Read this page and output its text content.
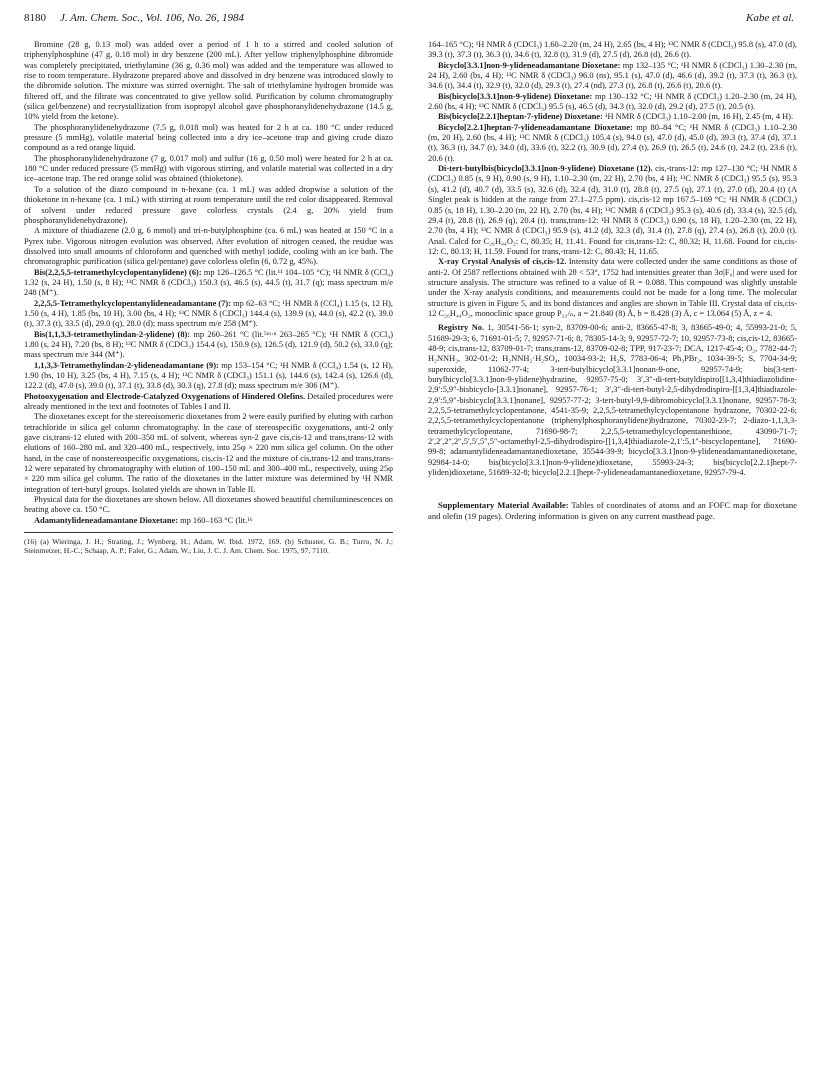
8180 J. Am. Chem. Soc., Vol. 106, No. 26, 1984	Kabe et al.

Bromine (28 g, 0.13 mol) was added over a period of 1 h to a stirred and cooled solution of triphenylphosphine (47 g, 0.18 mol) in dry benzene (200 mL). After yellow triphenylphosphine dibromide was completely precipitated, triethylamine (36 g, 0.36 mol) was added and the temperature was allowed to rise to room temperature. Hydrazone prepared above and dissolved in dry benzene was introduced slowly to the dibromide solution. The mixture was stirred overnight. The salt of triethylamine hydrogen bromide was filtered off, and the filtrate was concentrated to give yellow solid. Purification by column chromatography (silica gel/benzene) and recrystallization from isopropyl alcohol gave phosphoranylidenehydrazone (14.5 g, 10% yield from the ketone).

The phosphoranylidenehydrazone (7.5 g, 0.018 mol) was heated for 2 h at ca. 180 °C under reduced pressure (5 mmHg), volatile material being collected into a dry ice–acetone trap and giving crude diazo compound as a red orange liquid.

The phosphoranylidenehydrazone (7 g, 0.017 mol) and sulfur (16 g, 0.50 mol) were heated for 2 h at ca. 180 °C under reduced pressure (5 mmHg) with vigorous stirring, and volatile material was collected in a dry ice–acetone trap. The red orange solid was obtained (thioketone).

To a solution of the diazo compound in n-hexane (ca. 1 mL) was added dropwise a solution of the thioketone in n-hexane (ca. 1 mL) with stirring at room temperature until the red color disappeared. Removal of solvent under reduced pressure gave colorless crystals (2.4 g, 20% yield from phosphoranylidenehydrazone).

A mixture of thiadiazene (2.0 g, 6 mmol) and tri-n-butylphosphine (ca. 6 mL) was heated at 150 °C in a Pyrex tube. Vigorous nitrogen evolution was observed. After evolution of nitrogen ceased, the residue was dissolved into small amounts of chloroform and quenched with methyl iodide, cooling with an ice bath. The chromatographic purification (silica gel/pentane) gave colorless olefin (6, 0.72 g, 45%).

Bis(2,2,5,5-tetramethylcyclopentanylidene) (6): mp 126–126.5 °C (lit.¹¹ 104–105 °C); ¹H NMR δ (CCl₄) 1.32 (s, 24 H), 1.50 (s, 8 H); ¹³C NMR δ (CDCl₃) 150.3 (s), 46.5 (s), 44.5 (t), 31.7 (q); mass spectrum m/e 248 (M⁺).

2,2,5,5-Tetramethylcyclopentanylideneadamantane (7): mp 62–63 °C; ¹H NMR δ (CCl₄) 1.15 (s, 12 H), 1.50 (s, 4 H), 1.85 (bs, 10 H), 3.00 (bs, 4 H); ¹³C NMR δ (CDCl₃) 144.4 (s), 139.9 (s), 44.0 (s), 42.2 (t), 39.0 (t), 37.3 (t), 33.5 (d), 29.0 (q), 28.0 (d); mass spectrum m/e 258 (M⁺).

Bis(1,1,3,3-tetramethylindan-2-ylidene) (8): mp 260–261 °C (lit.⁵ᵐ·ⁿ 263–265 °C); ¹H NMR δ (CCl₄) 1.80 (s, 24 H), 7.20 (bs, 8 H); ¹³C NMR δ (CDCl₃) 154.4 (s), 150.9 (s), 126.5 (d), 121.9 (d), 50.2 (s), 33.0 (q); mass spectrum m/e 344 (M⁺).

1,1,3,3-Tetramethylindan-2-ylideneadamantane (9): mp 153–154 °C; ¹H NMR δ (CCl₄) 1.54 (s, 12 H), 1.90 (bs, 10 H), 3.25 (bs, 4 H), 7.15 (s, 4 H); ¹³C NMR δ (CDCl₃) 151.1 (s), 144.6 (s), 142.4 (s), 126.6 (d), 122.2 (d), 47.0 (s), 39.0 (t), 37.1 (t), 33.8 (d), 30.3 (q), 27.8 (d); mass spectrum m/e 306 (M⁺).

Photooxygenation and Electrode-Catalyzed Oxygenations of Hindered Olefins. Detailed procedures were already mentioned in the text and footnotes of Tables I and II.

The dioxetanes except for the stereoisomeric dioxetanes from 2 were easily purified by eluting with carbon tetrachloride in silica gel column chromatography. In the case of stereospecific oxygenations, anti-2 only gave cis,trans-12 eluted with 200–350 mL of solvent, whereas syn-2 gave cis,cis-12 and trans,trans-12 with elutions of 160–280 mL and 320–400 mL, respectively, into 25φ × 220 mm silica gel column. On the other hand, in the case of nonstereospecific oxygenations, cis,cis-12 and the mixture of cis,trans-12 and trans,trans-12 were separated by chromatography with elution of 100–150 mL and 300–400 mL, respectively, using 25φ × 220 mm silica gel column. The ratio of the dioxetanes in the latter mixture was determined by ¹H NMR integration of tert-butyl groups. Isolated yields are shown in Table II.

Physical data for the dioxetanes are shown below. All dioxetanes showed beautiful chemiluminescences on heating above ca. 150 °C.

Adamantylideneadamantane Dioxetane: mp 160–163 °C (lit.¹⁶

(16) (a) Wieringa, J. H.; Strating, J.; Wynberg, H.; Adam, W. Ibid. 1972, 169. (b) Schuster, G. B.; Turro, N. J.; Steinmetzer, H.-C.; Schaap, A. P.; Faler, G.; Adam, W.; Liu, J. C. J. Am. Chem. Soc. 1975, 97, 7110.

164–165 °C); ¹H NMR δ (CDCl₃) 1.60–2.20 (m, 24 H), 2.65 (bs, 4 H); ¹³C NMR δ (CDCl₃) 95.8 (s), 47.0 (d), 39.3 (t), 37.3 (t), 36.3 (t), 34.6 (t), 32.8 (t), 31.9 (d), 27.5 (d), 26.8 (d), 26.6 (t).

Bicyclo[3.3.1]non-9-ylideneadamantane Dioxetane: mp 132–135 °C; ¹H NMR δ (CDCl₃) 1.30–2.30 (m, 24 H), 2.60 (bs, 4 H); ¹³C NMR δ (CDCl₃) 96.0 (ns), 95.1 (s), 47.0 (d), 46.6 (d), 39.2 (t), 37.3 (t), 36.3 (t), 34.6 (t), 34.4 (t), 32.9 (t), 32.0 (d), 29.3 (t), 27.4 (nd), 27.3 (t), 26.8 (t), 26.6 (t), 20.6 (t).

Bis(bicyclo[3.3.1]non-9-ylidene) Dioxetane: mp 130–132 °C; ¹H NMR δ (CDCl₃) 1.20–2.30 (m, 24 H), 2.60 (bs, 4 H); ¹³C NMR δ (CDCl₃) 95.5 (s), 46.5 (d), 34.3 (t), 32.0 (d), 29.2 (d), 27.5 (t), 20.5 (t).

Bis(bicyclo[2.2.1]heptan-7-ylidene) Dioxetane: ¹H NMR δ (CDCl₃) 1.10–2.00 (m, 16 H), 2.45 (m, 4 H).

Bicyclo[2.2.1]heptan-7-ylideneadamantane Dioxetane: mp 80–84 °C; ¹H NMR δ (CDCl₃) 1.10–2.30 (m, 20 H), 2.60 (bs, 4 H); ¹³C NMR δ (CDCl₃) 105.4 (s), 94.0 (s), 47.0 (d), 45.0 (d), 39.3 (t), 37.4 (d), 37.1 (t), 36.3 (t), 34.7 (t), 34.0 (d), 33.6 (t), 32.2 (t), 30.9 (d), 27.4 (t), 26.9 (t), 26.5 (t), 24.6 (t), 24.2 (t), 23.6 (t), 20.6 (t).

Di-tert-butylbis(bicyclo[3.3.1]non-9-ylidene) Dioxetane (12). cis,-trans-12: mp 127–130 °C; ¹H NMR δ (CDCl₃) 0.85 (s, 9 H), 0.90 (s, 9 H), 1.10–2.30 (m, 22 H), 2.70 (bs, 4 H); ¹³C NMR δ (CDCl₃) 95.5 (s), 95.3 (s), 41.2 (d), 40.7 (d), 33.5 (s), 32.6 (d), 32.4 (d), 31.0 (t), 28.8 (t), 27.5 (q), 27.1 (t), 27.0 (d), 20.4 (t) (A Singlet peak is hidden at the range from 27.1–27.5 ppm). cis,cis-12 mp 167.5–169 °C; ¹H NMR δ (CDCl₃) 0.85 (s, 18 H), 1.30–2.20 (m, 22 H), 2.70 (bs, 4 H); ¹³C NMR δ (CDCl₃) 95.3 (s), 40.6 (d), 33.4 (s), 32.5 (d), 29.4 (t), 28.8 (t), 26.9 (q), 20.4 (t). trans,trans-12: ¹H NMR δ (CDCl₃) 0.90 (s, 18 H), 1.20–2.30 (m, 22 H), 2.70 (bs, 4 H); ¹³C NMR δ (CDCl₃) 95.9 (s), 41.2 (d), 32.3 (d), 31.4 (t), 27.8 (q), 27.4 (s), 26.8 (t), 20.0 (t). Anal. Calcd for C₂₆H₄₄O₂: C, 80.35; H, 11.41. Found for cis,trans-12: C, 80.32; H, 11.68. Found for cis,cis-12: C, 80.13; H, 11.59. Found for trans,-trans-12: C, 80.43; H, 11.65.

X-ray Crystal Analysis of cis,cis-12. Intensity data were collected under the same conditions as those of anti-2. Of 2587 reflections obtained with 2θ < 53°, 1752 had intensities greater than 3σ|F₀| and were used for structure analysis. The structure was refined to a value of R = 0.088. This compound was slightly unstable under the X-ray analysis conditions, and measurements could not be made for a long time. The molecular structure is given in Figure 5, and its bond distances and angles are shown in Table III. Crystal data of cis,cis-12 C₂₆H₄₄O₂, monoclinic space group P₂₁/ₙ, a = 21.840 (8) Å, b = 8.428 (3) Å, c = 13.064 (5) Å, z = 4.

Registry No. 1, 30541-56-1; syn-2, 83709-00-6; anti-2, 83665-47-8; 3, 83665-49-0; 4, 55993-21-0; 5, 51689-29-3; 6, 71691-01-5; 7, 92957-71-6; 8, 78305-14-3; 9, 92957-72-7; 10, 92957-73-8; cis,cis-12, 83665-48-9; cis,trans-12, 83709-01-7; trans,trans-12, 83709-02-8; TPP, 917-23-7; DCA, 1217-45-4; O₂, 7782-44-7; H₂NNH₂, 302-01-2; H₂NNH₂·H₂SO₄, 10034-93-2; H₂S, 7783-06-4; Ph₃PBr₂, 1034-39-5; S, 7704-34-9; superoxide, 11062-77-4; 3-tert-butylbicyclo[3.3.1]nonan-9-one, 92957-74-9; bis(3-tert-butylbicyclo[3.3.1]non-9-ylidene)hydrazine, 92957-75-0; 3′,3″-di-tert-butyldispiro[[1,3,4]thiadiazolidine-2,9′:5,9″-bisbicyclo-[3.3.1]nonane], 92957-76-1; 3′,3″-di-tert-butyl-2,5-dihydrodispiro-[[1,3,4]thiadiazole-2,9′:5,9″-bisbicyclo[3.3.1]nonane], 92957-77-2; 3-tert-butyl-9,9-dibromobicyclo[3.3.1]nonane, 92957-78-3; 2,2,5,5-tetramethylcyclopentanone, 4541-35-9; 2,2,5,5-tetramethylcyclopentanone hydrazone, 70302-22-6; 2,2,5,5-tetramethylcyclopentanone (triphenylphosphoranylidene)hydrazone, 70302-23-7; 2-diazo-1,1,3,3-tetramethylcyclopentane, 71690-98-7; 2,2,5,5-tetramethylcyclopentanethione, 43090-71-7; 2′,2′,2″,2″,5′,5′,5″,5″-octamethyl-2,5-dihydrodispiro-[[1,3,4]thiadiazole-2,1′:5,1″-biscyclopentane], 71690-99-8; adamantylideneadamantanedioxetane, 35544-39-9; bicyclo[3.3.1]non-9-ylideneadamantanedioxetane, 92984-14-0; bis(bicyclo[3.3.1]non-9-ylidene)dioxetane, 55993-24-3; bis(bicyclo[2.2.1]hept-7-yliden)dioxetane, 51689-32-8; bicyclo[2.2.1]hept-7-ylideneadamantanedioxetane, 92957-79-4.

Supplementary Material Available: Tables of coordinates of atoms and an FOFC map for dioxetane and olefin (19 pages). Ordering information is given on any current masthead page.
